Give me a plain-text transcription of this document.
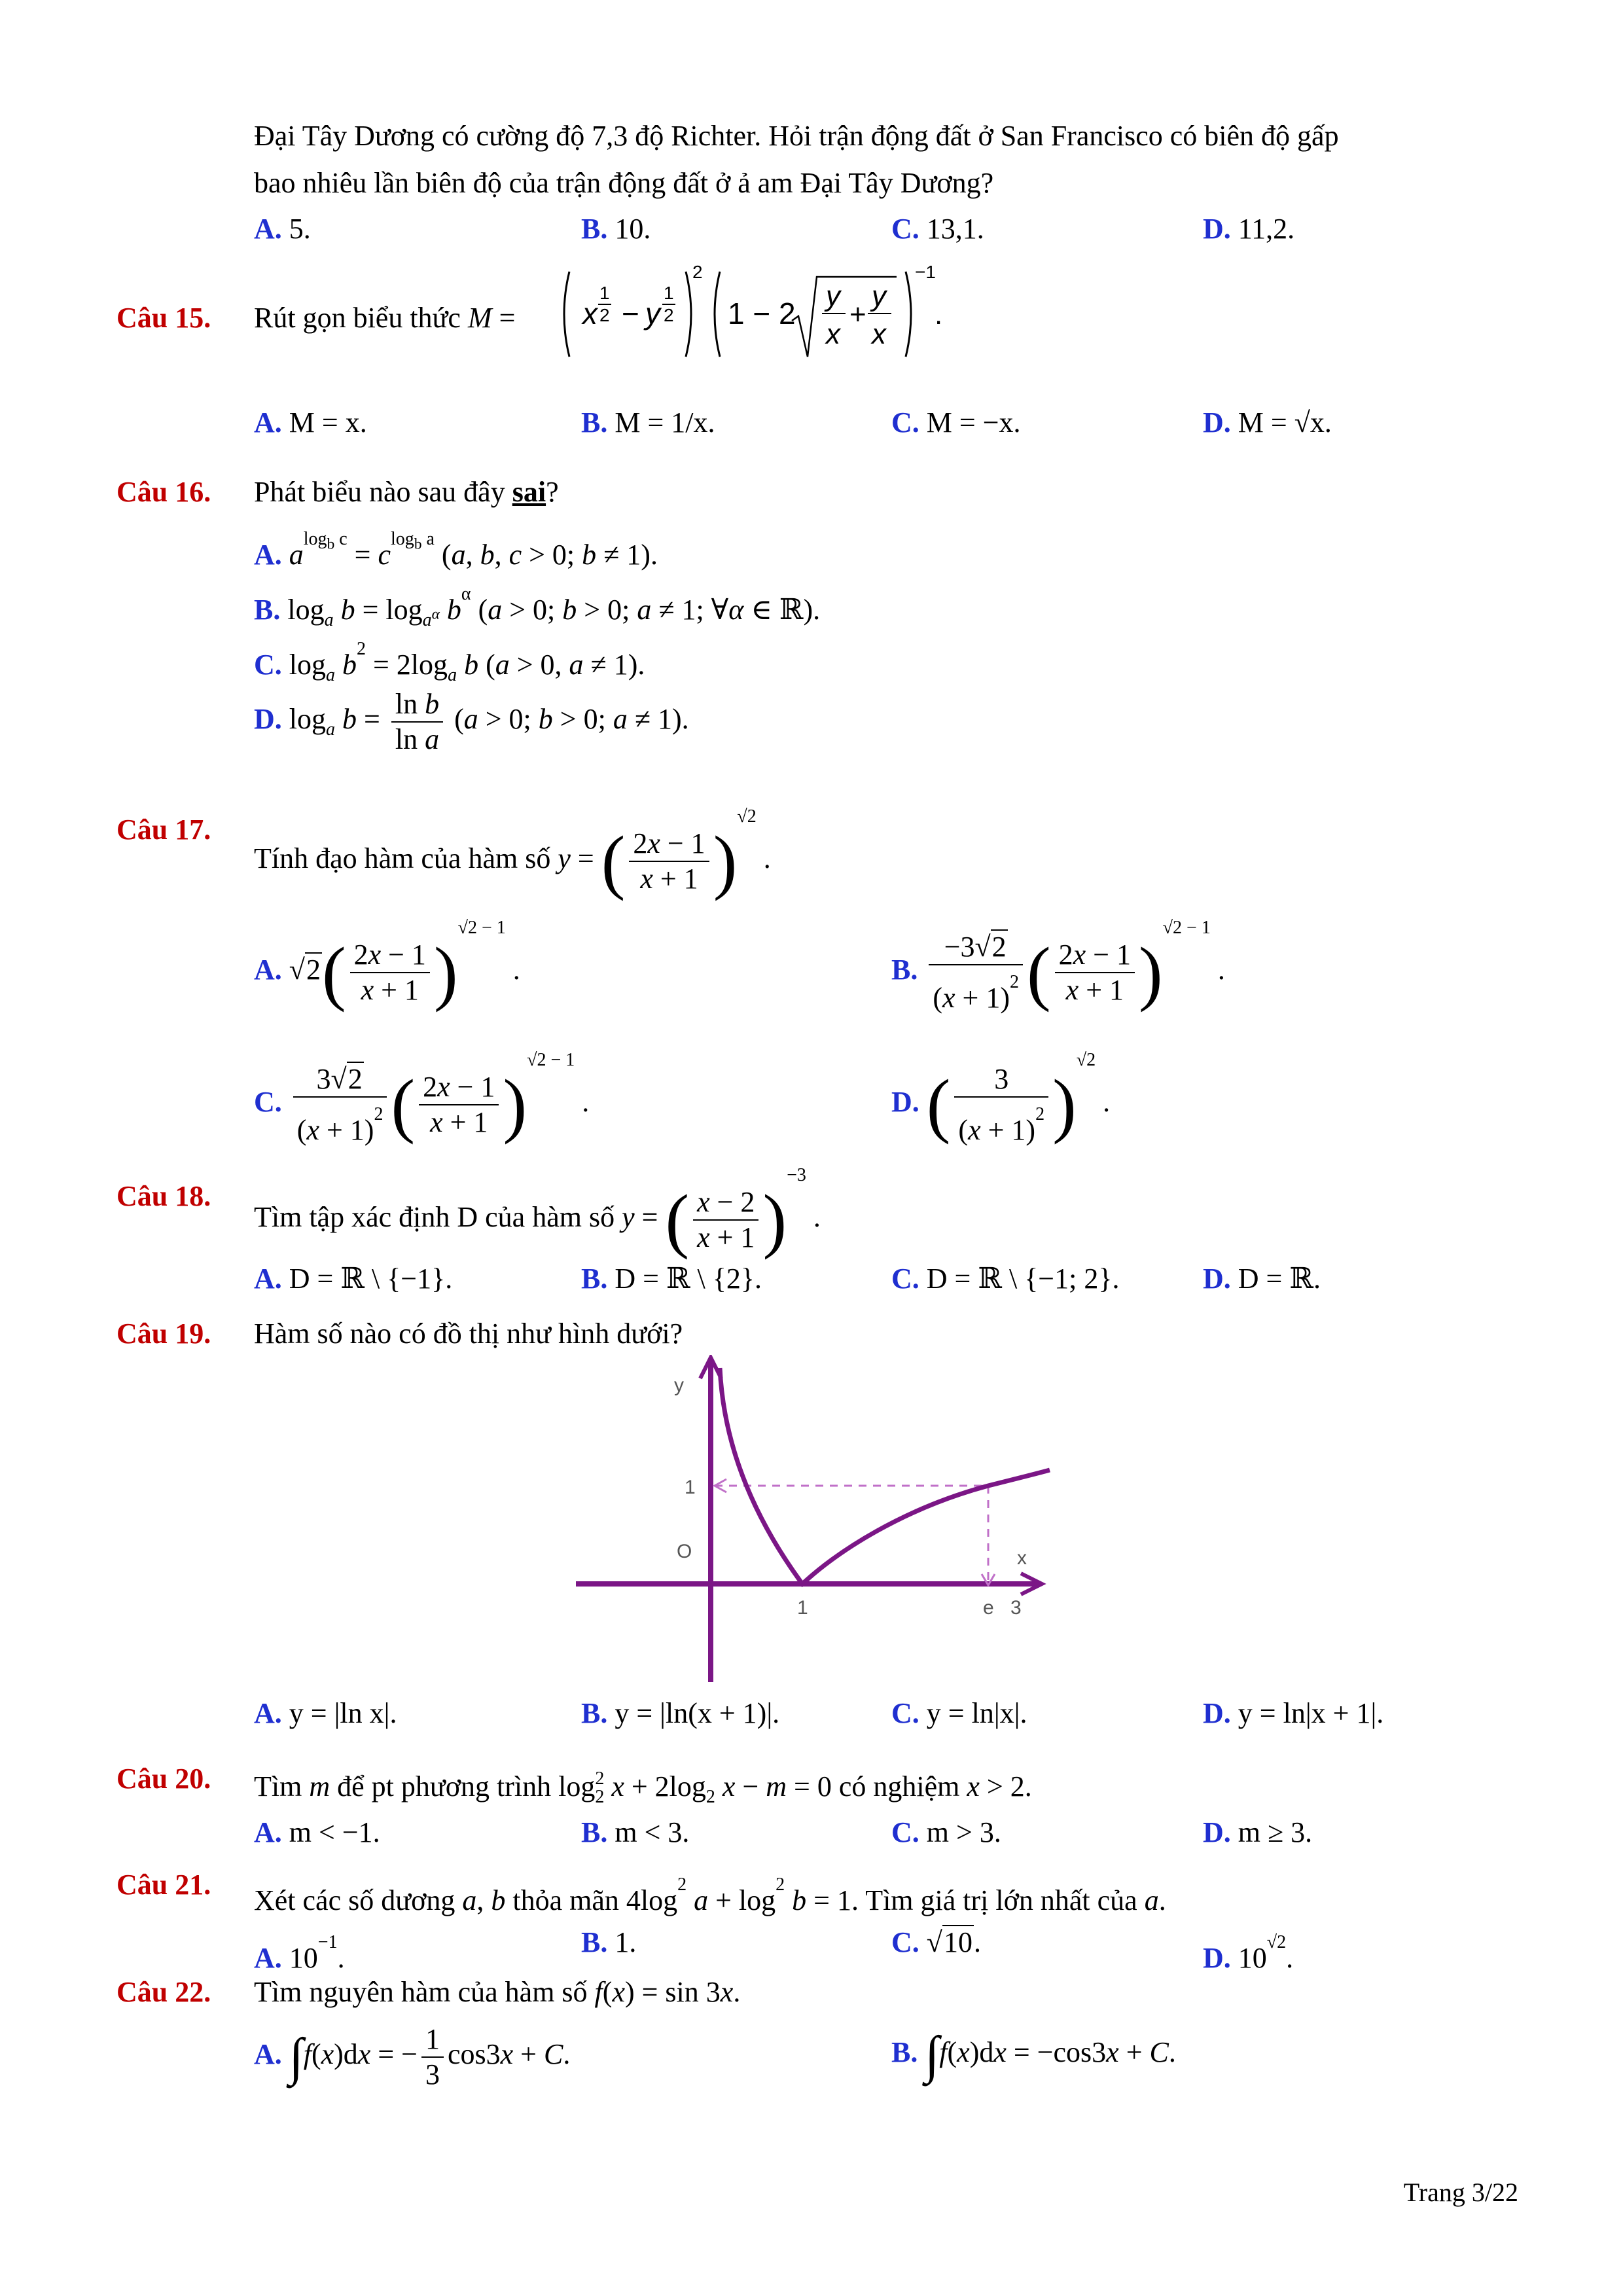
Đại Tây Dương có cường độ 7,3 độ Richter. Hỏi trận động đất ở San Francisco có biên độ gấp
bao nhiêu lần biên độ của trận động đất ở ả am Đại Tây Dương?
A. 5.	B. 10.	C. 13,1.	D. 11,2.
Câu 15. Rút gọn biểu thức M = x
1
2 − y
1
2
2
1 − 2
y
x
+
y
x
−1
.
A. M = x.	B. M = 1/x.	C. M = −x.	D. M = √x.
Câu 16. Phát biểu nào sau đây sai?
A. $a^{log_b c} = c^{log_b a}$ (a, b, c > 0; b ≠ 1).
B. $\log_a b = \log_{a^\alpha} b^\alpha$ (a > 0; b > 0; a ≠ 1; ∀α ∈ ℝ).
C. $\log_a b^2 = 2\log_a$ b (a > 0, a ≠ 1).
D. $\log_a b = \frac{\text{ln b}}{\text{ln a}} (a > 0$; b > 0; a ≠ 1).
Câu 17.
Tính đạo hàm của hàm số y = ( $\frac{2x - 1}{x + 1} )^{√2}$ .
A. $√2( \frac{2x - 1}{x + 1} )^{√2 - 1}$ .	B. $\frac{-3√2}{(x + 1)^2}$ ( $\frac{2x - 1}{x + 1} )^{√2 - 1}$ .
C. $\frac{3√2}{(x + 1)^2}$ ( $\frac{2x - 1}{x + 1} )^{√2 - 1}$ .	D. ( $\frac{3}{(x + 1)^2} )^{√2}$ .
Câu 18.
Tìm tập xác định D của hàm số y = ( $\frac{x - 2}{x + 1} )^{-3}$ .
A. D = ℝ \ {−1}.	B. D = ℝ \ {2}.	C. D = ℝ \ {−1; 2}.	D. D = ℝ.
Câu 19. Hàm số nào có đồ thị như hình dưới?
y
1
O	x
1	e 3
A. y = |ln x|.	B. y = |ln(x + 1)|.	C. y = ln|x|.	D. y = ln|x + 1|.
Câu 20. Tìm m để pt phương trình $\log_2^2 x + 2\log_2$ x − m = 0 có nghiệm x > 2.
A. m < −1.	B. m < 3.	C. m > 3.	D. m ≥ 3.
Câu 21. Xét các số dương a, b thỏa mãn $4\log^2$ $a + \log^2 b = 1$. Tìm giá trị lớn nhất của a.
A. $10^{-1}$.	B. 1.	C. √10.	D. $10^{√2}$.
Câu 22. Tìm nguyên hàm của hàm số f(x) = sin 3x.
A. ∫f(x)dx = − $\frac{1}{3} \cos 3x + C$.	B. ∫f(x)dx = −cos3x + C.
Trang 3/22
